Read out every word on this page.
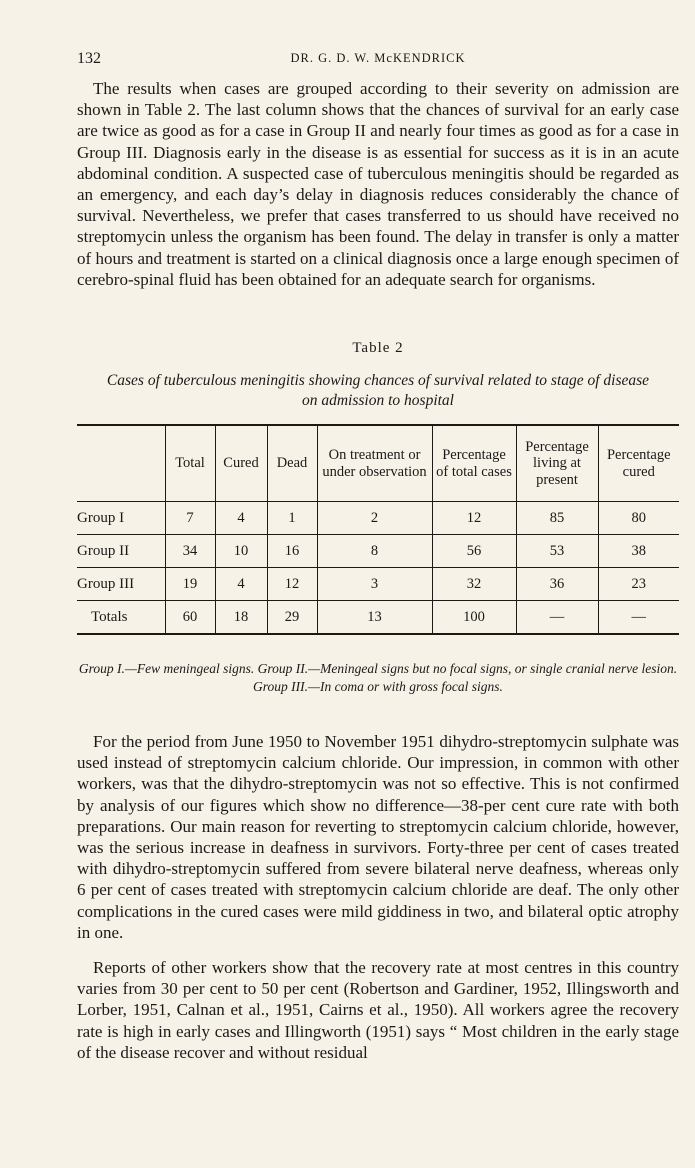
132	DR. G. D. W. McKENDRICK

The results when cases are grouped according to their severity on admission are shown in Table 2. The last column shows that the chances of survival for an early case are twice as good as for a case in Group II and nearly four times as good as for a case in Group III. Diagnosis early in the disease is as essential for success as it is in an acute abdominal condition. A suspected case of tuberculous meningitis should be regarded as an emergency, and each day’s delay in diagnosis reduces considerably the chance of survival. Nevertheless, we prefer that cases transferred to us should have received no streptomycin unless the organism has been found. The delay in transfer is only a matter of hours and treatment is started on a clinical diagnosis once a large enough specimen of cerebro-spinal fluid has been obtained for an adequate search for organisms.

Table 2
Cases of tuberculous meningitis showing chances of survival related to stage of disease on admission to hospital
	Total	Cured	Dead	On treatment or under observation	Percentage of total cases	Percentage living at present	Percentage cured
Group I	7	4	1	2	12	85	80
Group II	34	10	16	8	56	53	38
Group III	19	4	12	3	32	36	23
Totals	60	18	29	13	100	—	—
Group I.—Few meningeal signs. Group II.—Meningeal signs but no focal signs, or single cranial nerve lesion. Group III.—In coma or with gross focal signs.

For the period from June 1950 to November 1951 dihydro-streptomycin sulphate was used instead of streptomycin calcium chloride. Our impression, in common with other workers, was that the dihydro-streptomycin was not so effective. This is not confirmed by analysis of our figures which show no difference—38-per cent cure rate with both preparations. Our main reason for reverting to streptomycin calcium chloride, however, was the serious increase in deafness in survivors. Forty-three per cent of cases treated with dihydro-streptomycin suffered from severe bilateral nerve deafness, whereas only 6 per cent of cases treated with streptomycin calcium chloride are deaf. The only other complications in the cured cases were mild giddiness in two, and bilateral optic atrophy in one.

Reports of other workers show that the recovery rate at most centres in this country varies from 30 per cent to 50 per cent (Robertson and Gardiner, 1952, Illingsworth and Lorber, 1951, Calnan et al., 1951, Cairns et al., 1950). All workers agree the recovery rate is high in early cases and Illingworth (1951) says “ Most children in the early stage of the disease recover and without residual
